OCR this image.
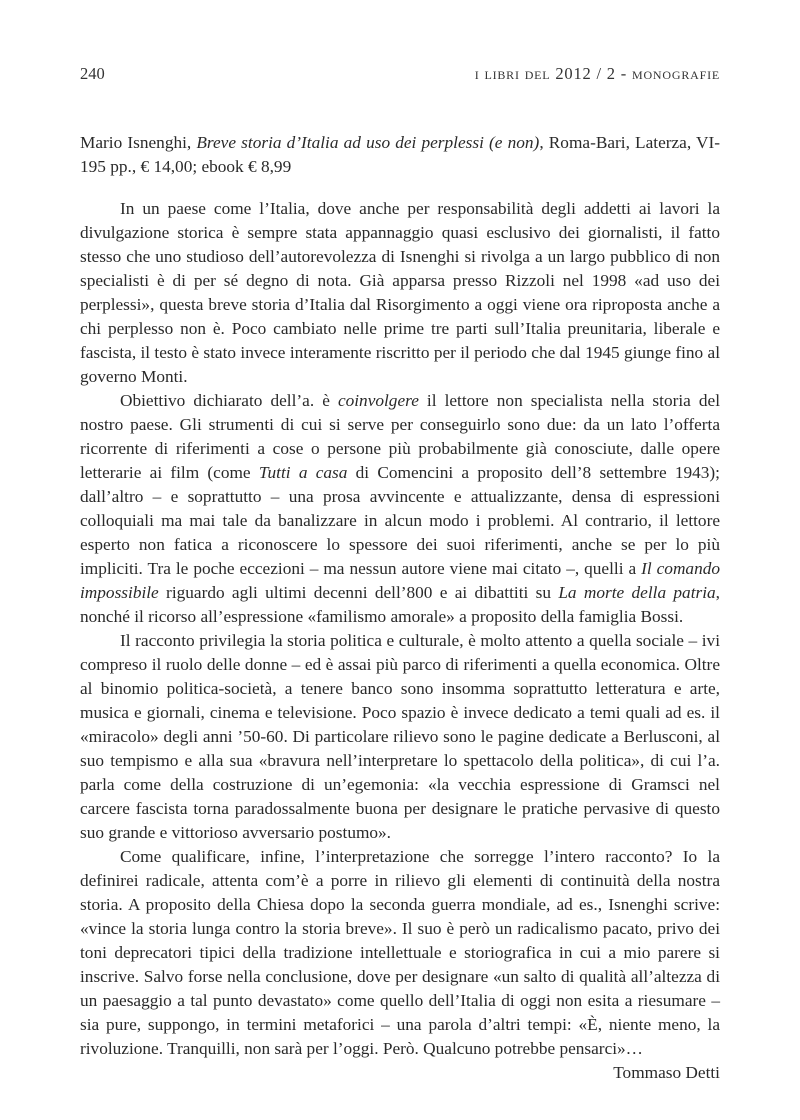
240	i libri del 2012 / 2 - monografie
Mario Isnenghi, Breve storia d’Italia ad uso dei perplessi (e non), Roma-Bari, Laterza, VI-195 pp., € 14,00; ebook € 8,99

In un paese come l’Italia, dove anche per responsabilità degli addetti ai lavori la divulgazione storica è sempre stata appannaggio quasi esclusivo dei giornalisti, il fatto stesso che uno studioso dell’autorevolezza di Isnenghi si rivolga a un largo pubblico di non specialisti è di per sé degno di nota. Già apparsa presso Rizzoli nel 1998 «ad uso dei perplessi», questa breve storia d’Italia dal Risorgimento a oggi viene ora riproposta anche a chi perplesso non è. Poco cambiato nelle prime tre parti sull’Italia preunitaria, liberale e fascista, il testo è stato invece interamente riscritto per il periodo che dal 1945 giunge fino al governo Monti.

Obiettivo dichiarato dell’a. è coinvolgere il lettore non specialista nella storia del nostro paese. Gli strumenti di cui si serve per conseguirlo sono due: da un lato l’offerta ricorrente di riferimenti a cose o persone più probabilmente già conosciute, dalle opere letterarie ai film (come Tutti a casa di Comencini a proposito dell’8 settembre 1943); dall’altro – e soprattutto – una prosa avvincente e attualizzante, densa di espressioni colloquiali ma mai tale da banalizzare in alcun modo i problemi. Al contrario, il lettore esperto non fatica a riconoscere lo spessore dei suoi riferimenti, anche se per lo più impliciti. Tra le poche eccezioni – ma nessun autore viene mai citato –, quelli a Il comando impossibile riguardo agli ultimi decenni dell’800 e ai dibattiti su La morte della patria, nonché il ricorso all’espressione «familismo amorale» a proposito della famiglia Bossi.

Il racconto privilegia la storia politica e culturale, è molto attento a quella sociale – ivi compreso il ruolo delle donne – ed è assai più parco di riferimenti a quella economica. Oltre al binomio politica-società, a tenere banco sono insomma soprattutto letteratura e arte, musica e giornali, cinema e televisione. Poco spazio è invece dedicato a temi quali ad es. il «miracolo» degli anni ’50-60. Di particolare rilievo sono le pagine dedicate a Berlusconi, al suo tempismo e alla sua «bravura nell’interpretare lo spettacolo della politica», di cui l’a. parla come della costruzione di un’egemonia: «la vecchia espressione di Gramsci nel carcere fascista torna paradossalmente buona per designare le pratiche pervasive di questo suo grande e vittorioso avversario postumo».

Come qualificare, infine, l’interpretazione che sorregge l’intero racconto? Io la definirei radicale, attenta com’è a porre in rilievo gli elementi di continuità della nostra storia. A proposito della Chiesa dopo la seconda guerra mondiale, ad es., Isnenghi scrive: «vince la storia lunga contro la storia breve». Il suo è però un radicalismo pacato, privo dei toni deprecatori tipici della tradizione intellettuale e storiografica in cui a mio parere si inscrive. Salvo forse nella conclusione, dove per designare «un salto di qualità all’altezza di un paesaggio a tal punto devastato» come quello dell’Italia di oggi non esita a riesumare – sia pure, suppongo, in termini metaforici – una parola d’altri tempi: «È, niente meno, la rivoluzione. Tranquilli, non sarà per l’oggi. Però. Qualcuno potrebbe pensarci»…

Tommaso Detti
